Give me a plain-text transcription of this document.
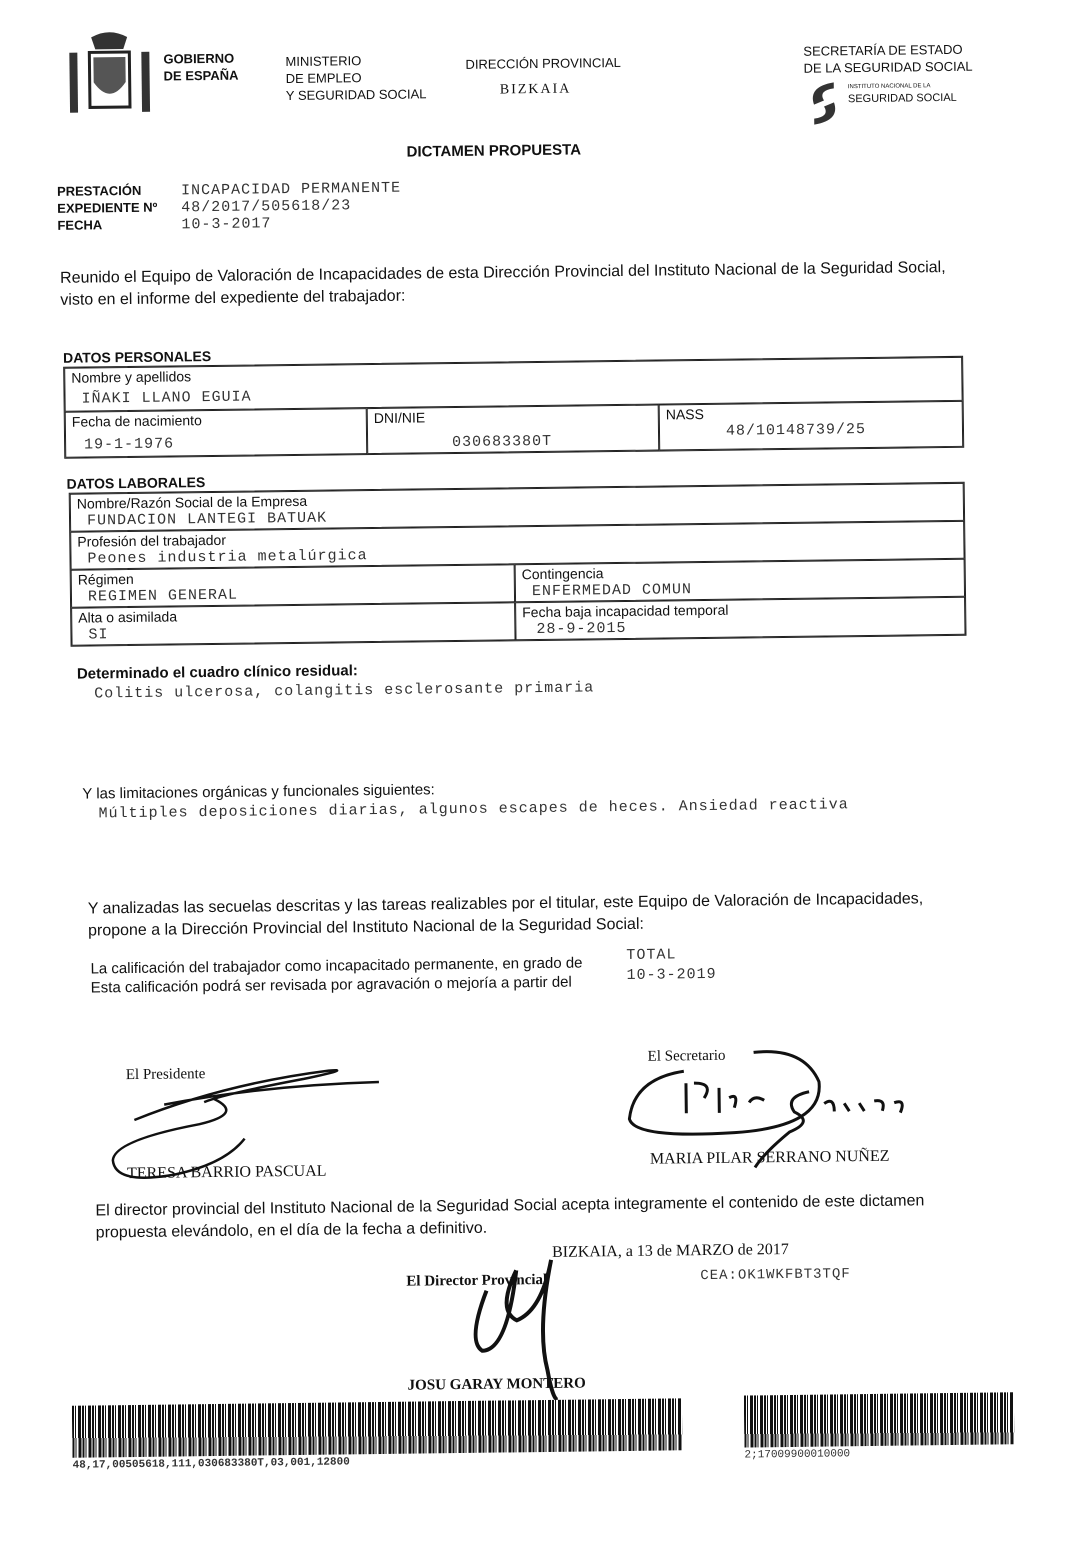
GOBIERNO
DE ESPAÑA
MINISTERIO
DE EMPLEO
Y SEGURIDAD SOCIAL
DIRECCIÓN PROVINCIAL
BIZKAIA
SECRETARÍA DE ESTADO
DE LA SEGURIDAD SOCIAL
INSTITUTO NACIONAL DE LA
SEGURIDAD SOCIAL
DICTAMEN PROPUESTA
PRESTACIÓN	INCAPACIDAD PERMANENTE
EXPEDIENTE Nº	48/2017/505618/23
FECHA	10-3-2017
Reunido el Equipo de Valoración de Incapacidades de esta Dirección Provincial del Instituto Nacional de la Seguridad Social, visto en el informe del expediente del trabajador:
DATOS PERSONALES
Nombre y apellidos
IÑAKI LLANO EGUIA
Fecha de nacimiento
19-1-1976
DNI/NIE
030683380T
NASS
48/10148739/25
DATOS LABORALES
Nombre/Razón Social de la Empresa
FUNDACION LANTEGI BATUAK
Profesión del trabajador
Peones industria metalúrgica
Régimen
REGIMEN GENERAL
Contingencia
ENFERMEDAD COMUN
Alta o asimilada
SI
Fecha baja incapacidad temporal
28-9-2015
Determinado el cuadro clínico residual:
Colitis ulcerosa, colangitis esclerosante primaria
Y las limitaciones orgánicas y funcionales siguientes:
Múltiples deposiciones diarias, algunos escapes de heces. Ansiedad reactiva
Y analizadas las secuelas descritas y las tareas realizables por el titular, este Equipo de Valoración de Incapacidades, propone a la Dirección Provincial del Instituto Nacional de la Seguridad Social:
La calificación del trabajador como incapacitado permanente, en grado de	TOTAL
Esta calificación podrá ser revisada por agravación o mejoría a partir del	10-3-2019
El Presidente
TERESA BARRIO PASCUAL
El Secretario
MARIA PILAR SERRANO NUÑEZ
El director provincial del Instituto Nacional de la Seguridad Social acepta integramente el contenido de este dictamen propuesta elevándolo, en el día de la fecha a definitivo.
BIZKAIA, a 13 de MARZO de 2017
El Director Provincial	CEA:OK1WKFBT3TQF
JOSU GARAY MONTERO
48,17,00505618,111,030683380T,03,001,12800
2;17009900010000
